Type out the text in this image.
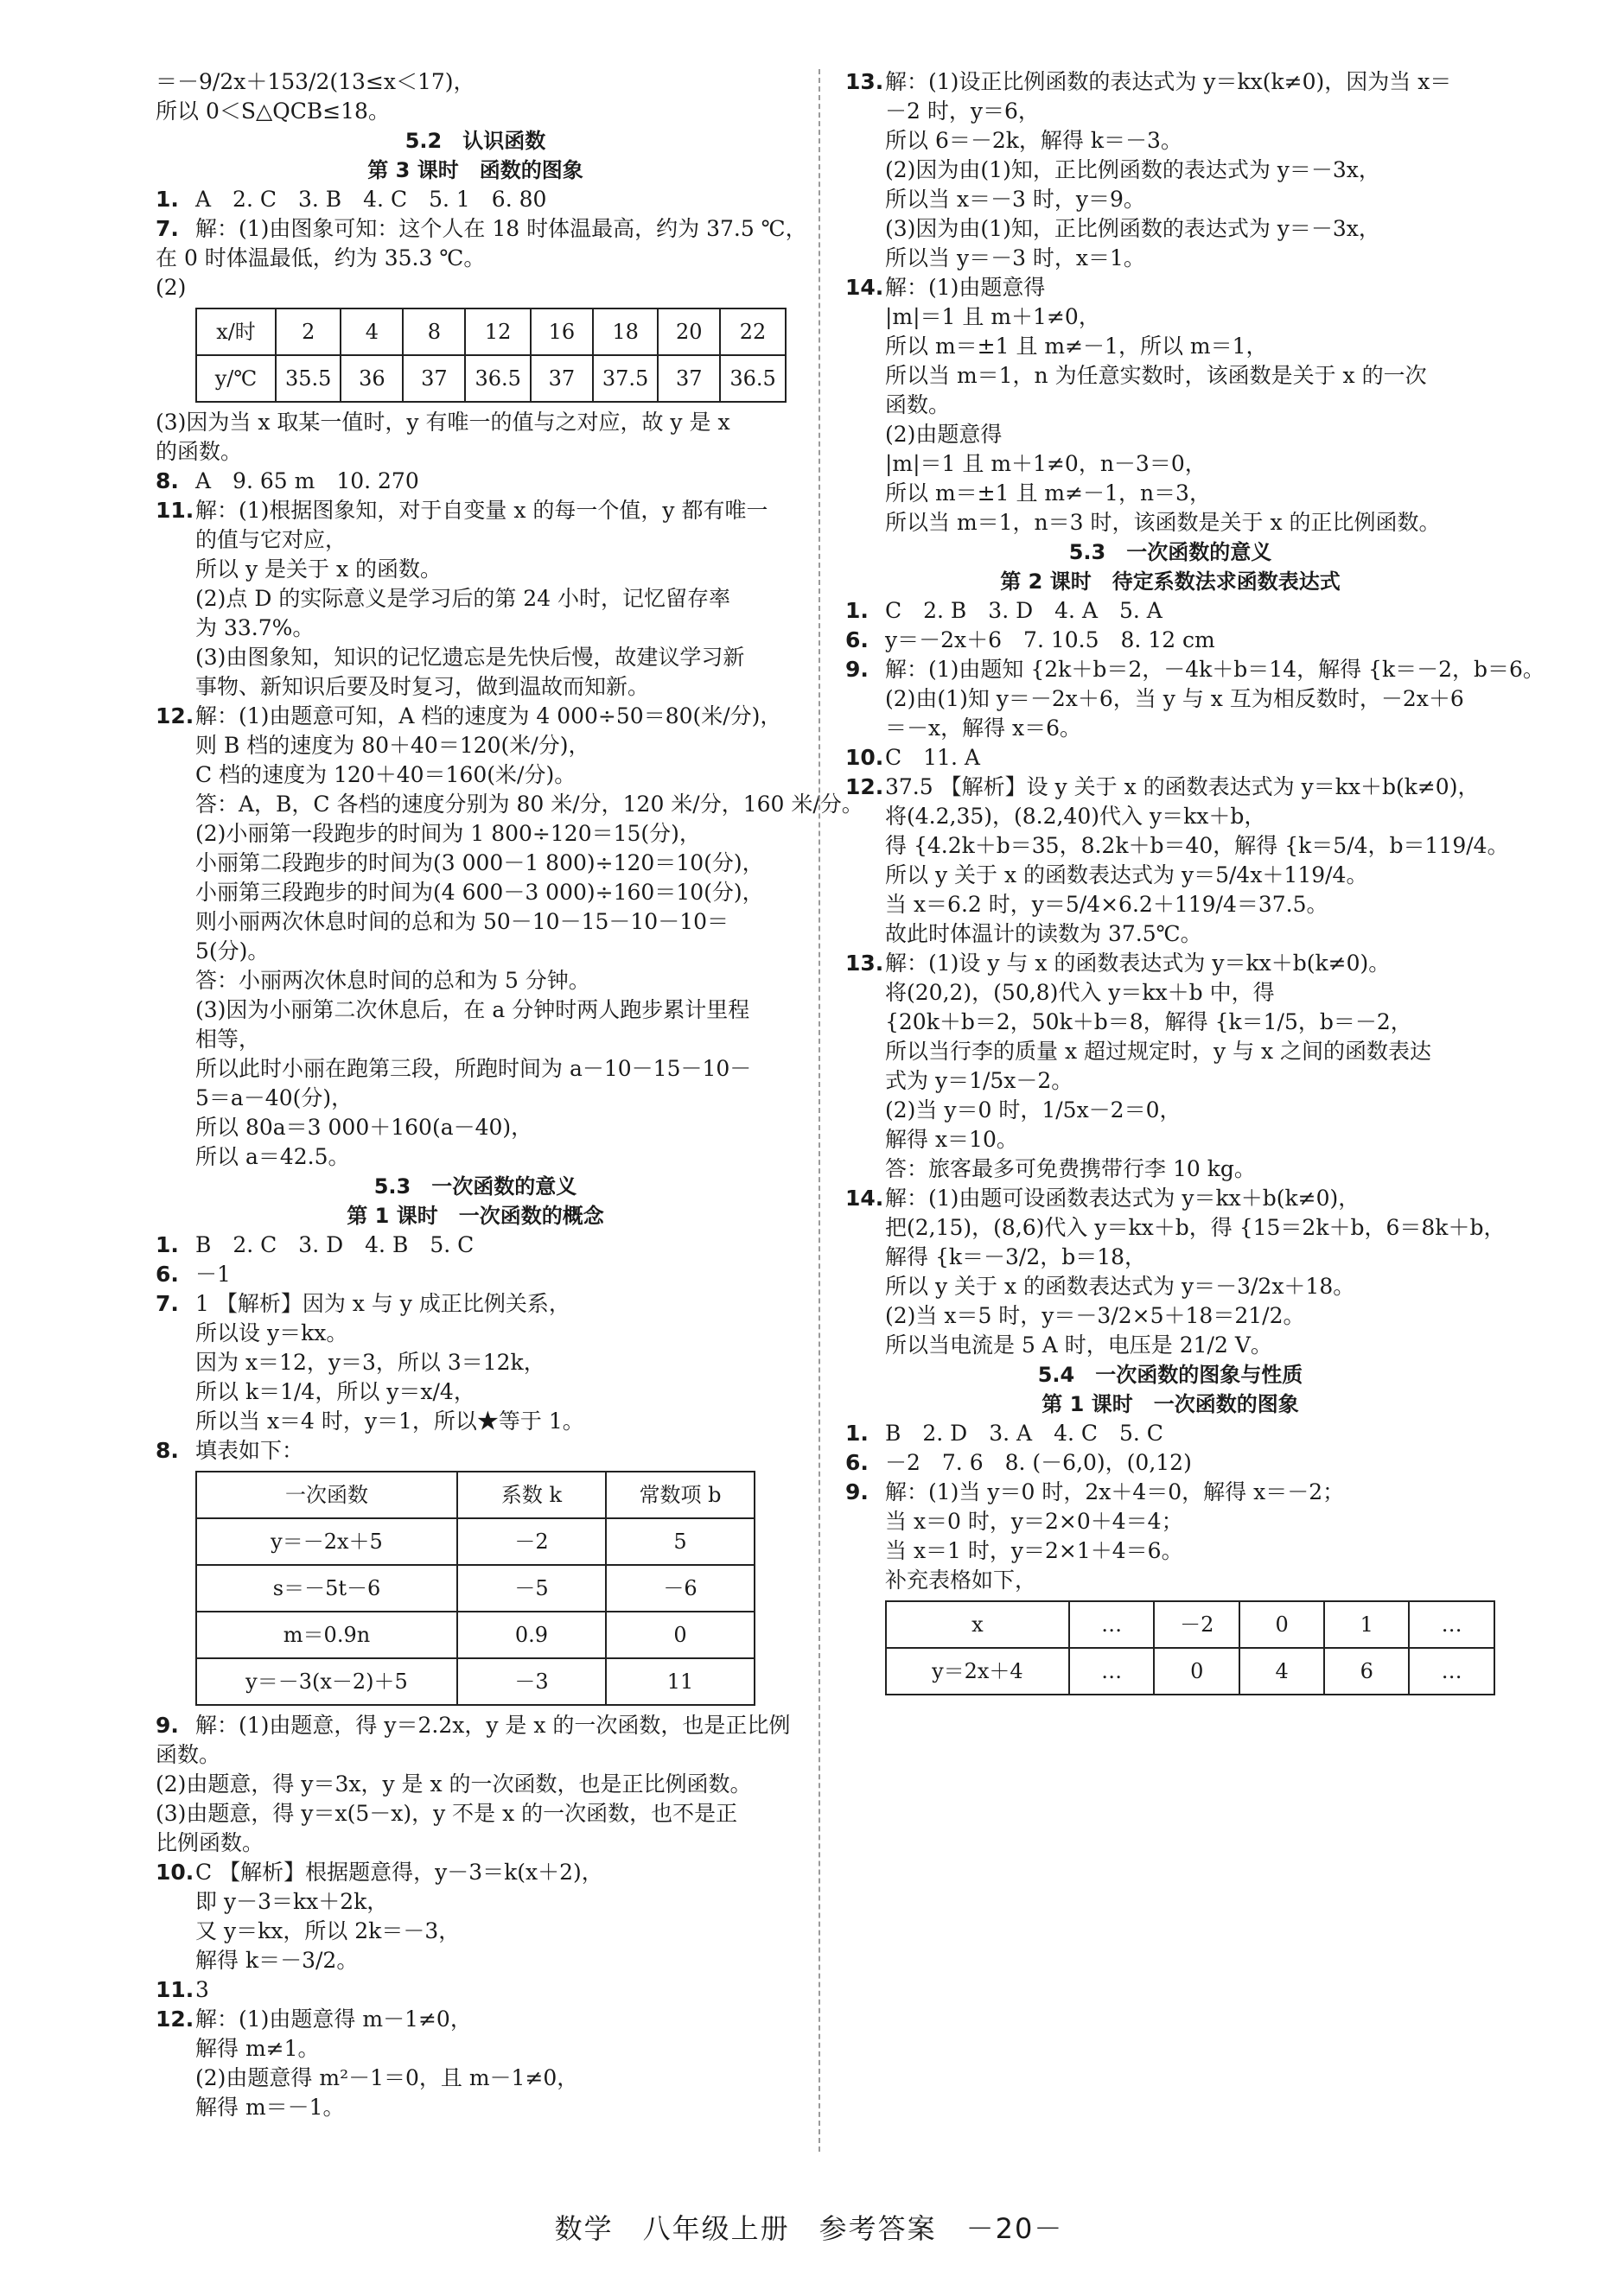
＝－9/2x＋153/2(13≤x＜17)，
所以 0＜S△QCB≤18。
5.2　认识函数
第 3 课时　函数的图象
1. A　2. C　3. B　4. C　5. 1　6. 80
7. 解：(1)由图象可知：这个人在 18 时体温最高，约为 37.5 ℃，
在 0 时体温最低，约为 35.3 ℃。
(2)
x/时	2	4	8	12	16	18	20	22
y/℃	35.5	36	37	36.5	37	37.5	37	36.5
(3)因为当 x 取某一值时，y 有唯一的值与之对应，故 y 是 x
的函数。
8. A　9. 65 m　10. 270
11.解：(1)根据图象知，对于自变量 x 的每一个值，y 都有唯一
的值与它对应，
所以 y 是关于 x 的函数。
(2)点 D 的实际意义是学习后的第 24 小时，记忆留存率
为 33.7%。
(3)由图象知，知识的记忆遗忘是先快后慢，故建议学习新
事物、新知识后要及时复习，做到温故而知新。
12.解：(1)由题意可知，A 档的速度为 4 000÷50＝80(米/分)，
则 B 档的速度为 80＋40＝120(米/分)，
C 档的速度为 120＋40＝160(米/分)。
答：A，B，C 各档的速度分别为 80 米/分，120 米/分，160 米/分。
(2)小丽第一段跑步的时间为 1 800÷120＝15(分)，
小丽第二段跑步的时间为(3 000－1 800)÷120＝10(分)，
小丽第三段跑步的时间为(4 600－3 000)÷160＝10(分)，
则小丽两次休息时间的总和为 50－10－15－10－10＝
5(分)。
答：小丽两次休息时间的总和为 5 分钟。
(3)因为小丽第二次休息后，在 a 分钟时两人跑步累计里程
相等，
所以此时小丽在跑第三段，所跑时间为 a－10－15－10－
5＝a－40(分)，
所以 80a＝3 000＋160(a－40)，
所以 a＝42.5。
5.3　一次函数的意义
第 1 课时　一次函数的概念
1. B　2. C　3. D　4. B　5. C
6. －1
7. 1 【解析】因为 x 与 y 成正比例关系，
所以设 y＝kx。
因为 x＝12，y＝3，所以 3＝12k，
所以 k＝1/4，所以 y＝x/4，
所以当 x＝4 时，y＝1，所以★等于 1。
8. 填表如下：
一次函数	系数 k	常数项 b
y＝－2x＋5	－2	5
s＝－5t－6	－5	－6
m＝0.9n	0.9	0
y＝－3(x－2)＋5	－3	11
9. 解：(1)由题意，得 y＝2.2x，y 是 x 的一次函数，也是正比例
函数。
(2)由题意，得 y＝3x，y 是 x 的一次函数，也是正比例函数。
(3)由题意，得 y＝x(5－x)，y 不是 x 的一次函数，也不是正
比例函数。
10.C 【解析】根据题意得，y－3＝k(x＋2)，
即 y－3＝kx＋2k，
又 y＝kx，所以 2k＝－3，
解得 k＝－3/2。
11.3
12.解：(1)由题意得 m－1≠0，
解得 m≠1。
(2)由题意得 m²－1＝0，且 m－1≠0，
解得 m＝－1。
13.解：(1)设正比例函数的表达式为 y＝kx(k≠0)，因为当 x＝
－2 时，y＝6，
所以 6＝－2k，解得 k＝－3。
(2)因为由(1)知，正比例函数的表达式为 y＝－3x，
所以当 x＝－3 时，y＝9。
(3)因为由(1)知，正比例函数的表达式为 y＝－3x，
所以当 y＝－3 时，x＝1。
14.解：(1)由题意得
|m|＝1 且 m＋1≠0，
所以 m＝±1 且 m≠－1，所以 m＝1，
所以当 m＝1，n 为任意实数时，该函数是关于 x 的一次
函数。
(2)由题意得
|m|＝1 且 m＋1≠0，n－3＝0，
所以 m＝±1 且 m≠－1，n＝3，
所以当 m＝1，n＝3 时，该函数是关于 x 的正比例函数。
5.3　一次函数的意义
第 2 课时　待定系数法求函数表达式
1. C　2. B　3. D　4. A　5. A
6. y＝－2x＋6　7. 10.5　8. 12 cm
9. 解：(1)由题知 {2k＋b＝2，－4k＋b＝14，解得 {k＝－2，b＝6。
(2)由(1)知 y＝－2x＋6，当 y 与 x 互为相反数时，－2x＋6
＝－x，解得 x＝6。
10.C　11. A
12.37.5 【解析】设 y 关于 x 的函数表达式为 y＝kx＋b(k≠0)，
将(4.2,35)，(8.2,40)代入 y＝kx＋b，
得 {4.2k＋b＝35，8.2k＋b＝40，解得 {k＝5/4，b＝119/4。
所以 y 关于 x 的函数表达式为 y＝5/4x＋119/4。
当 x＝6.2 时，y＝5/4×6.2＋119/4＝37.5。
故此时体温计的读数为 37.5℃。
13.解：(1)设 y 与 x 的函数表达式为 y＝kx＋b(k≠0)。
将(20,2)，(50,8)代入 y＝kx＋b 中，得
{20k＋b＝2，50k＋b＝8，解得 {k＝1/5，b＝－2，
所以当行李的质量 x 超过规定时，y 与 x 之间的函数表达
式为 y＝1/5x－2。
(2)当 y＝0 时，1/5x－2＝0，
解得 x＝10。
答：旅客最多可免费携带行李 10 kg。
14.解：(1)由题可设函数表达式为 y＝kx＋b(k≠0)，
把(2,15)，(8,6)代入 y＝kx＋b，得 {15＝2k＋b，6＝8k＋b，
解得 {k＝－3/2，b＝18，
所以 y 关于 x 的函数表达式为 y＝－3/2x＋18。
(2)当 x＝5 时，y＝－3/2×5＋18＝21/2。
所以当电流是 5 A 时，电压是 21/2 V。
5.4　一次函数的图象与性质
第 1 课时　一次函数的图象
1. B　2. D　3. A　4. C　5. C
6. －2　7. 6　8. (－6,0)，(0,12)
9. 解：(1)当 y＝0 时，2x＋4＝0，解得 x＝－2；
当 x＝0 时，y＝2×0＋4＝4；
当 x＝1 时，y＝2×1＋4＝6。
补充表格如下，
x	…	－2	0	1	…
y＝2x＋4	…	0	4	6	…
数学　八年级上册　参考答案　－20－
